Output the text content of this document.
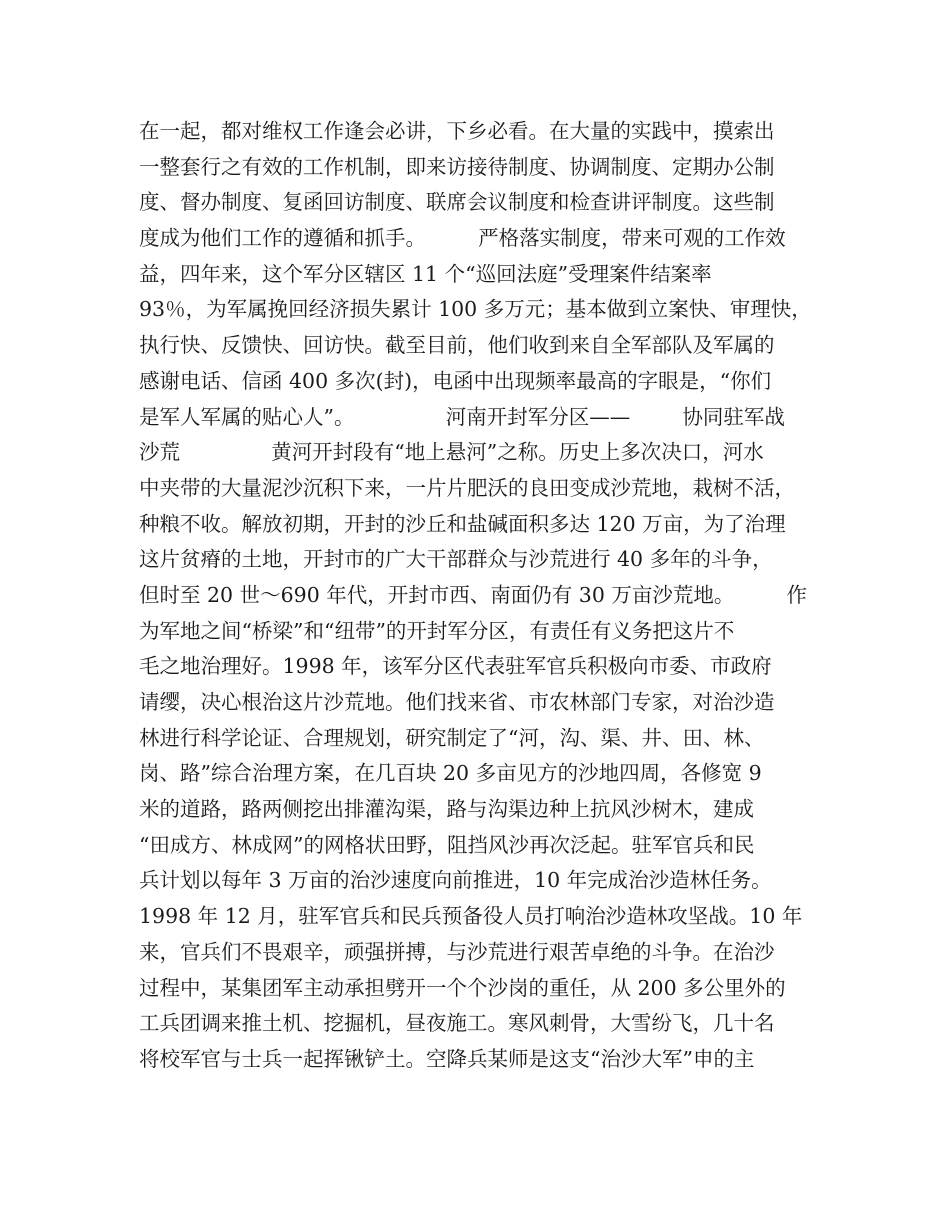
在一起，都对维权工作逢会必讲，下乡必看。在大量的实践中，摸索出
一整套行之有效的工作机制，即来访接待制度、协调制度、定期办公制
度、督办制度、复函回访制度、联席会议制度和检查讲评制度。这些制
度成为他们工作的遵循和抓手。        严格落实制度，带来可观的工作效
益，四年来，这个军分区辖区 11 个“巡回法庭”受理案件结案率
93％，为军属挽回经济损失累计 100 多万元；基本做到立案快、审理快，
执行快、反馈快、回访快。截至目前，他们收到来自全军部队及军属的
感谢电话、信函 400 多次(封)，电函中出现频率最高的字眼是，“你们
是军人军属的贴心人”。              河南开封军分区——        协同驻军战
沙荒              黄河开封段有“地上悬河”之称。历史上多次决口，河水
中夹带的大量泥沙沉积下来，一片片肥沃的良田变成沙荒地，栽树不活，
种粮不收。解放初期，开封的沙丘和盐碱面积多达 120 万亩，为了治理
这片贫瘠的土地，开封市的广大干部群众与沙荒进行 40 多年的斗争，
但时至 20 世～690 年代，开封市西、南面仍有 30 万亩沙荒地。        作
为军地之间“桥梁”和“纽带”的开封军分区，有责任有义务把这片不
毛之地治理好。1998 年，该军分区代表驻军官兵积极向市委、市政府
请缨，决心根治这片沙荒地。他们找来省、市农林部门专家，对治沙造
林进行科学论证、合理规划，研究制定了“河，沟、渠、井、田、林、
岗、路”综合治理方案，在几百块 20 多亩见方的沙地四周，各修宽 9
米的道路，路两侧挖出排灌沟渠，路与沟渠边种上抗风沙树木，建成
“田成方、林成网”的网格状田野，阻挡风沙再次泛起。驻军官兵和民
兵计划以每年 3 万亩的治沙速度向前推进，10 年完成治沙造林任务。
1998 年 12 月，驻军官兵和民兵预备役人员打响治沙造林攻坚战。10 年
来，官兵们不畏艰辛，顽强拼搏，与沙荒进行艰苦卓绝的斗争。在治沙
过程中，某集团军主动承担劈开一个个沙岗的重任，从 200 多公里外的
工兵团调来推土机、挖掘机，昼夜施工。寒风刺骨，大雪纷飞，几十名
将校军官与士兵一起挥锹铲土。空降兵某师是这支“治沙大军”申的主
